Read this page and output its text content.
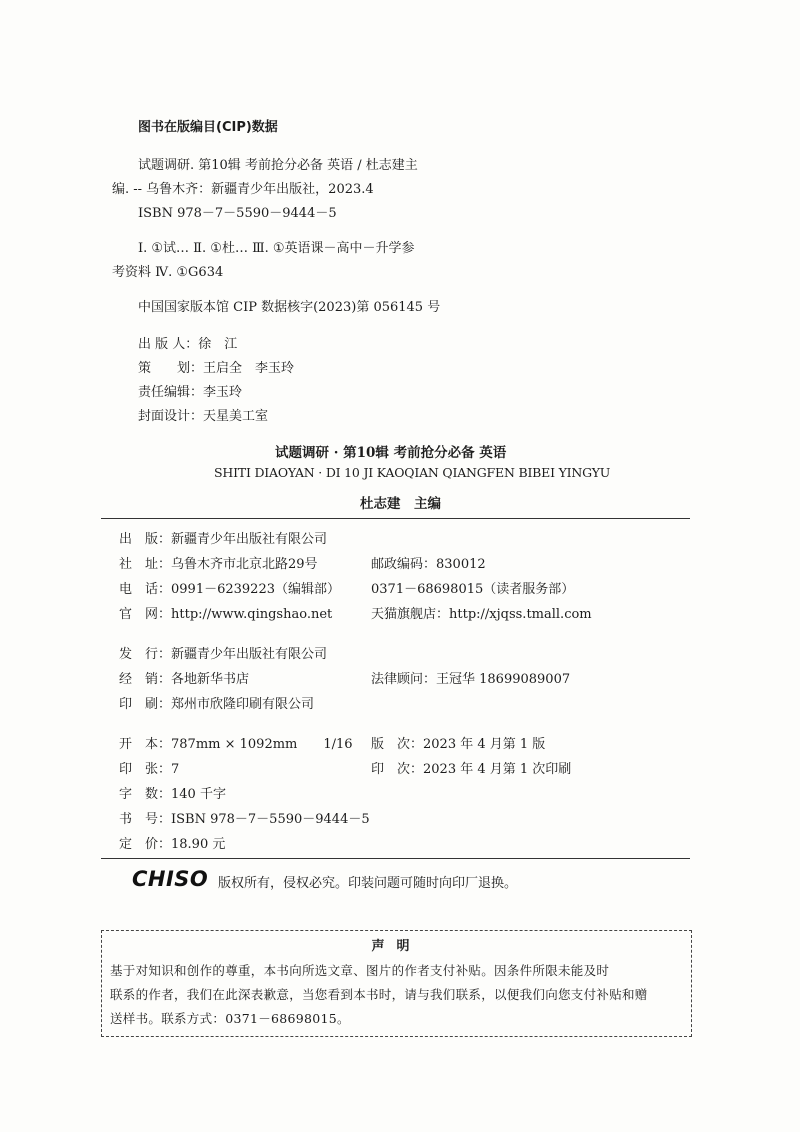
图书在版编目(CIP)数据
试题调研. 第10辑 考前抢分必备 英语 / 杜志建主
编. -- 乌鲁木齐：新疆青少年出版社，2023.4
ISBN 978－7－5590－9444－5
Ⅰ. ①试… Ⅱ. ①杜… Ⅲ. ①英语课－高中－升学参
考资料 Ⅳ. ①G634
中国国家版本馆 CIP 数据核字(2023)第 056145 号
出 版 人：徐　江
策　　划：王启全　李玉玲
责任编辑：李玉玲
封面设计：天星美工室
试题调研 · 第10辑 考前抢分必备 英语
SHITI DIAOYAN · DI 10 JI KAOQIAN QIANGFEN BIBEI YINGYU
杜志建　主编
出　版：新疆青少年出版社有限公司
社　址：乌鲁木齐市北京北路29号	邮政编码：830012
电　话：0991－6239223（编辑部） 0371－68698015（读者服务部）
官　网：http://www.qingshao.net	天猫旗舰店：http://xjqss.tmall.com
发　行：新疆青少年出版社有限公司
经　销：各地新华书店	法律顾问：王冠华 18699089007
印　刷：郑州市欣隆印刷有限公司
开　本：787mm × 1092mm　　1/16 版　次：2023 年 4 月第 1 版
印　张：7	印　次：2023 年 4 月第 1 次印刷
字　数：140 千字
书　号：ISBN 978－7－5590－9444－5
定　价：18.90 元
CHISO 版权所有，侵权必究。印装问题可随时向印厂退换。
声明
基于对知识和创作的尊重，本书向所选文章、图片的作者支付补贴。因条件所限未能及时
联系的作者，我们在此深表歉意，当您看到本书时，请与我们联系，以便我们向您支付补贴和赠
送样书。联系方式：0371－68698015。
